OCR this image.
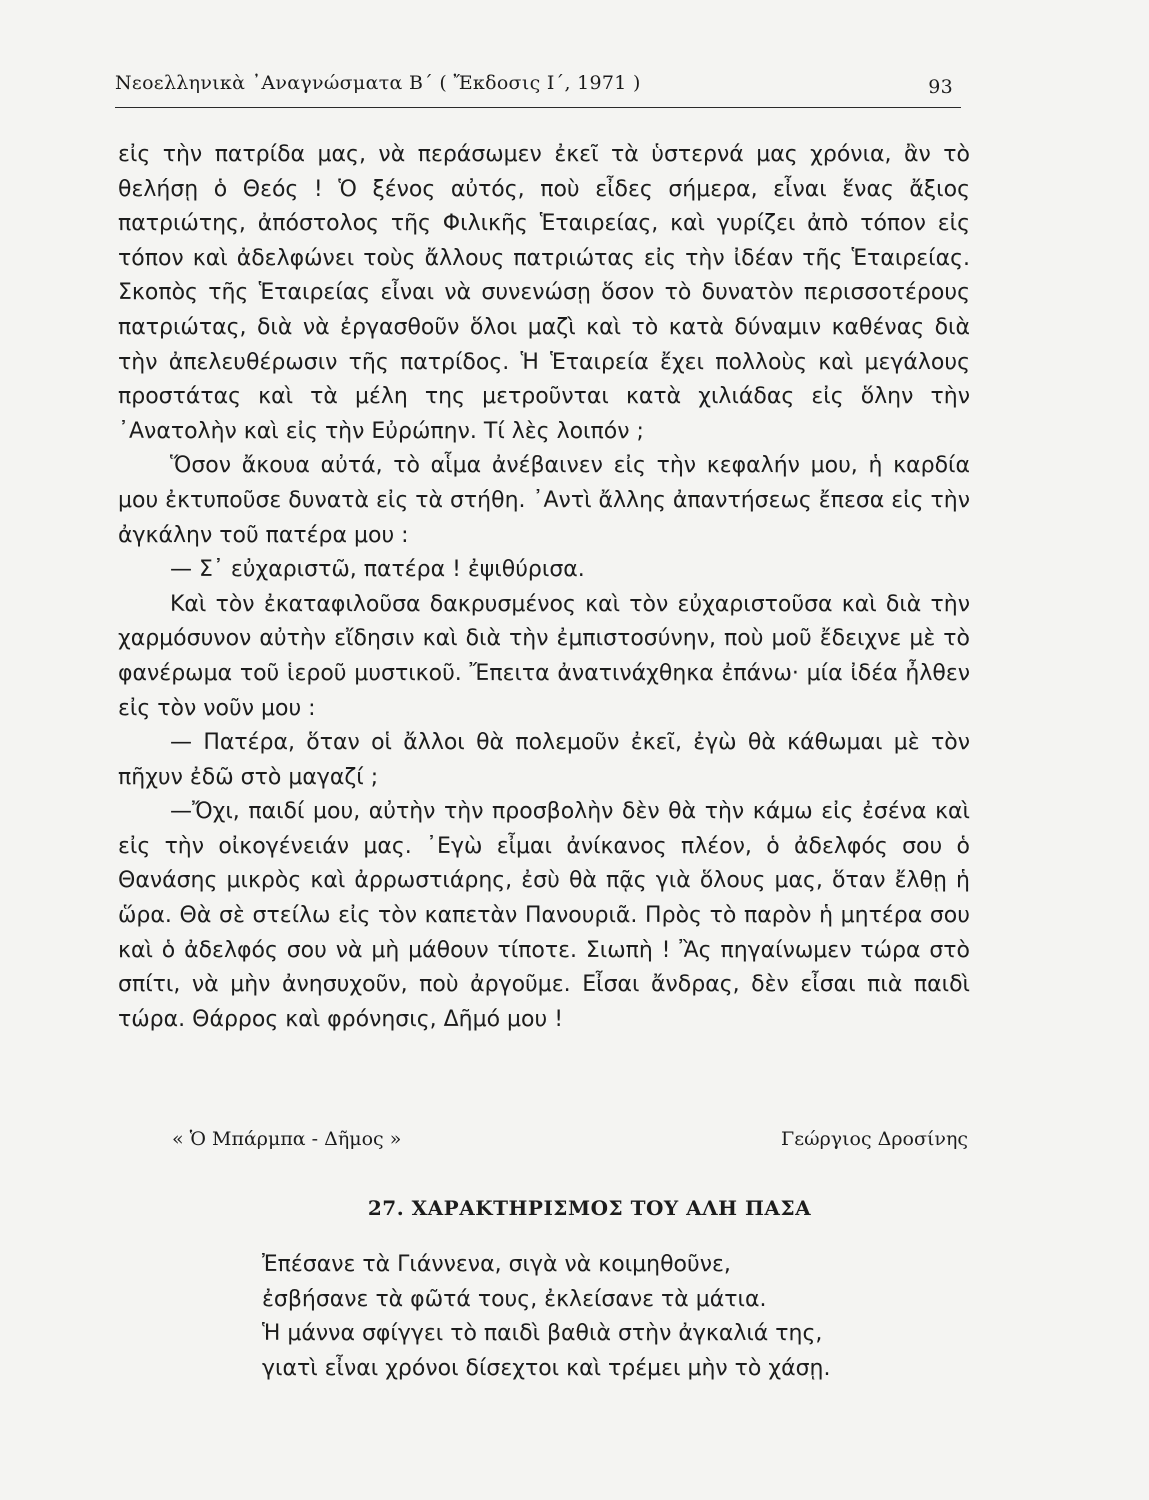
Νεοελληνικὰ ᾿Αναγνώσματα Β΄ ( Ἔκδοσις Ι΄, 1971 )	93

εἰς τὴν πατρίδα μας, νὰ περάσωμεν ἐκεῖ τὰ ὑστερνά μας χρόνια, ἂν τὸ θελήσῃ ὁ Θεός ! Ὁ ξένος αὐτός, ποὺ εἶδες σήμερα, εἶναι ἕνας ἄξιος πατριώτης, ἀπόστολος τῆς Φιλικῆς Ἑταιρείας, καὶ γυρίζει ἀπὸ τόπον εἰς τόπον καὶ ἀδελφώνει τοὺς ἄλλους πατριώτας εἰς τὴν ἰδέαν τῆς Ἑταιρείας. Σκοπὸς τῆς Ἑταιρείας εἶναι νὰ συνενώσῃ ὅσον τὸ δυνατὸν περισσοτέρους πατριώτας, διὰ νὰ ἐργασθοῦν ὅλοι μαζὶ καὶ τὸ κατὰ δύναμιν καθένας διὰ τὴν ἀπελευθέρωσιν τῆς πατρίδος. Ἡ Ἑταιρεία ἔχει πολλοὺς καὶ μεγάλους προστάτας καὶ τὰ μέλη της μετροῦνται κατὰ χιλιάδας εἰς ὅλην τὴν ᾿Ανατολὴν καὶ εἰς τὴν Εὐρώπην. Τί λὲς λοιπόν ;

Ὅσον ἄκουα αὐτά, τὸ αἷμα ἀνέβαινεν εἰς τὴν κεφαλήν μου, ἡ καρδία μου ἐκτυποῦσε δυνατὰ εἰς τὰ στήθη. ᾿Αντὶ ἄλλης ἀπαντήσεως ἔπεσα εἰς τὴν ἀγκάλην τοῦ πατέρα μου :

— Σ᾿ εὐχαριστῶ, πατέρα ! ἐψιθύρισα.

Καὶ τὸν ἐκαταφιλοῦσα δακρυσμένος καὶ τὸν εὐχαριστοῦσα καὶ διὰ τὴν χαρμόσυνον αὐτὴν εἴδησιν καὶ διὰ τὴν ἐμπιστοσύνην, ποὺ μοῦ ἔδειχνε μὲ τὸ φανέρωμα τοῦ ἱεροῦ μυστικοῦ. Ἔπειτα ἀνατινάχθηκα ἐπάνω· μία ἰδέα ἦλθεν εἰς τὸν νοῦν μου :

— Πατέρα, ὅταν οἱ ἄλλοι θὰ πολεμοῦν ἐκεῖ, ἐγὼ θὰ κάθωμαι μὲ τὸν πῆχυν ἐδῶ στὸ μαγαζί ;

—Ὄχι, παιδί μου, αὐτὴν τὴν προσβολὴν δὲν θὰ τὴν κάμω εἰς ἐσένα καὶ εἰς τὴν οἰκογένειάν μας. ᾿Εγὼ εἶμαι ἀνίκανος πλέον, ὁ ἀδελφός σου ὁ Θανάσης μικρὸς καὶ ἀρρωστιάρης, ἐσὺ θὰ πᾷς γιὰ ὅλους μας, ὅταν ἔλθῃ ἡ ὥρα. Θὰ σὲ στείλω εἰς τὸν καπετὰν Πανουριᾶ. Πρὸς τὸ παρὸν ἡ μητέρα σου καὶ ὁ ἀδελφός σου νὰ μὴ μάθουν τίποτε. Σιωπὴ ! Ἂς πηγαίνωμεν τώρα στὸ σπίτι, νὰ μὴν ἀνησυχοῦν, ποὺ ἀργοῦμε. Εἶσαι ἄνδρας, δὲν εἶσαι πιὰ παιδὶ τώρα. Θάρρος καὶ φρόνησις, Δῆμό μου !

« Ὁ Μπάρμπα - Δῆμος »	Γεώργιος Δροσίνης
27. ΧΑΡΑΚΤΗΡΙΣΜΟΣ ΤΟΥ ΑΛΗ ΠΑΣΑ
Ἐπέσανε τὰ Γιάννενα, σιγὰ νὰ κοιμηθοῦνε,
ἐσβήσανε τὰ φῶτά τους, ἐκλείσανε τὰ μάτια.
Ἡ μάννα σφίγγει τὸ παιδὶ βαθιὰ στὴν ἀγκαλιά της,
γιατὶ εἶναι χρόνοι δίσεχτοι καὶ τρέμει μὴν τὸ χάσῃ.
